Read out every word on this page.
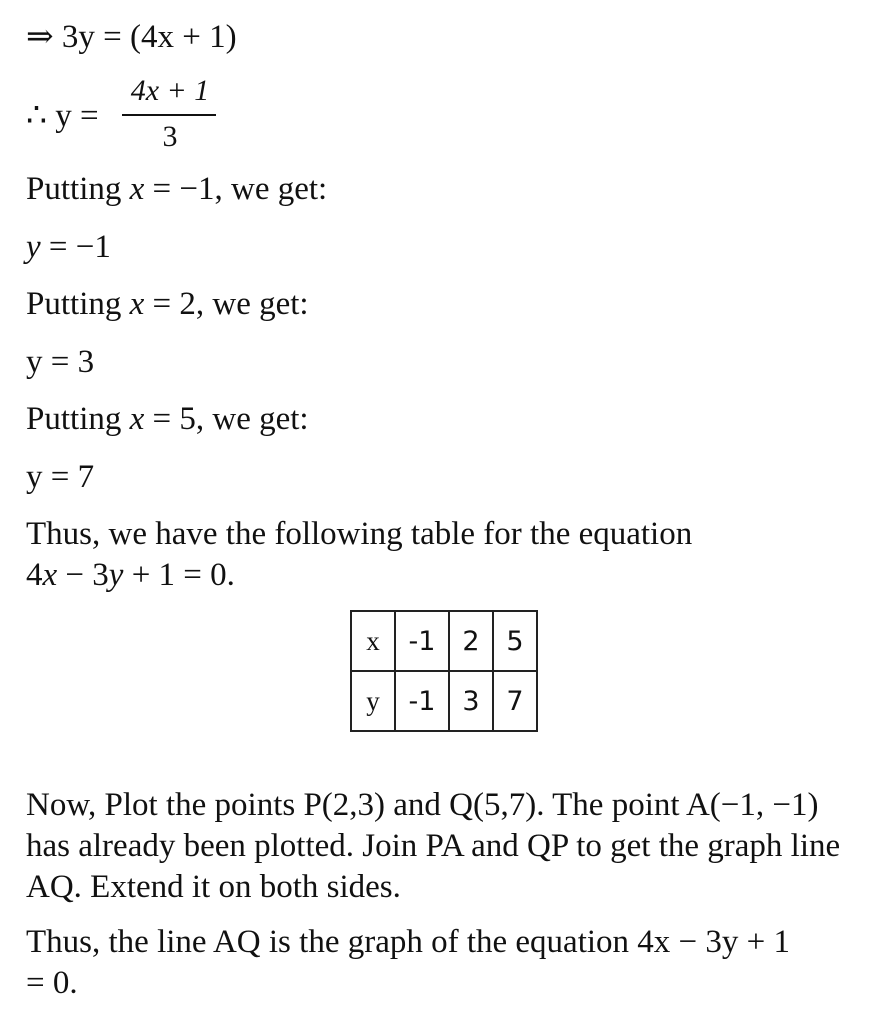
⇒ 3y = (4x + 1)
∴ y =
4x + 1
3
Putting x = −1, we get:
y = −1
Putting x = 2, we get:
y = 3
Putting x = 5, we get:
y = 7
Thus, we have the following table for the equation
4x − 3y + 1 = 0.
x	-1	2	5
y	-1	3	7
Now, Plot the points P(2,3) and Q(5,7). The point A(−1, −1) has already been plotted. Join PA and QP to get the graph line AQ. Extend it on both sides.
Thus, the line AQ is the graph of the equation 4x − 3y + 1 = 0.
